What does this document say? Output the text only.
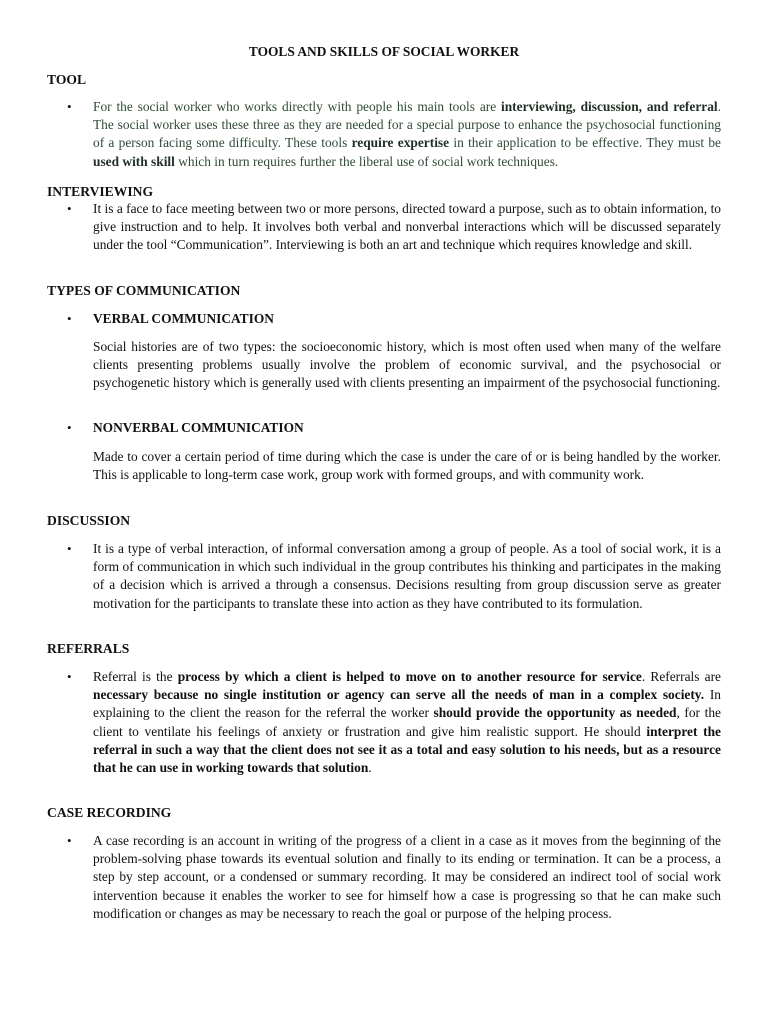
TOOLS AND SKILLS OF SOCIAL WORKER
TOOL
• For the social worker who works directly with people his main tools are interviewing, discussion, and referral. The social worker uses these three as they are needed for a special purpose to enhance the psychosocial functioning of a person facing some difficulty. These tools require expertise in their application to be effective. They must be used with skill which in turn requires further the liberal use of social work techniques.
INTERVIEWING
• It is a face to face meeting between two or more persons, directed toward a purpose, such as to obtain information, to give instruction and to help. It involves both verbal and nonverbal interactions which will be discussed separately under the tool “Communication”. Interviewing is both an art and technique which requires knowledge and skill.
TYPES OF COMMUNICATION
• VERBAL COMMUNICATION
Social histories are of two types: the socioeconomic history, which is most often used when many of the welfare clients presenting problems usually involve the problem of economic survival, and the psychosocial or psychogenetic history which is generally used with clients presenting an impairment of the psychosocial functioning.
• NONVERBAL COMMUNICATION
Made to cover a certain period of time during which the case is under the care of or is being handled by the worker. This is applicable to long-term case work, group work with formed groups, and with community work.
DISCUSSION
• It is a type of verbal interaction, of informal conversation among a group of people. As a tool of social work, it is a form of communication in which such individual in the group contributes his thinking and participates in the making of a decision which is arrived a through a consensus. Decisions resulting from group discussion serve as greater motivation for the participants to translate these into action as they have contributed to its formulation.
REFERRALS
• Referral is the process by which a client is helped to move on to another resource for service. Referrals are necessary because no single institution or agency can serve all the needs of man in a complex society. In explaining to the client the reason for the referral the worker should provide the opportunity as needed, for the client to ventilate his feelings of anxiety or frustration and give him realistic support. He should interpret the referral in such a way that the client does not see it as a total and easy solution to his needs, but as a resource that he can use in working towards that solution.
CASE RECORDING
• A case recording is an account in writing of the progress of a client in a case as it moves from the beginning of the problem-solving phase towards its eventual solution and finally to its ending or termination. It can be a process, a step by step account, or a condensed or summary recording. It may be considered an indirect tool of social work intervention because it enables the worker to see for himself how a case is progressing so that he can make such modification or changes as may be necessary to reach the goal or purpose of the helping process.
